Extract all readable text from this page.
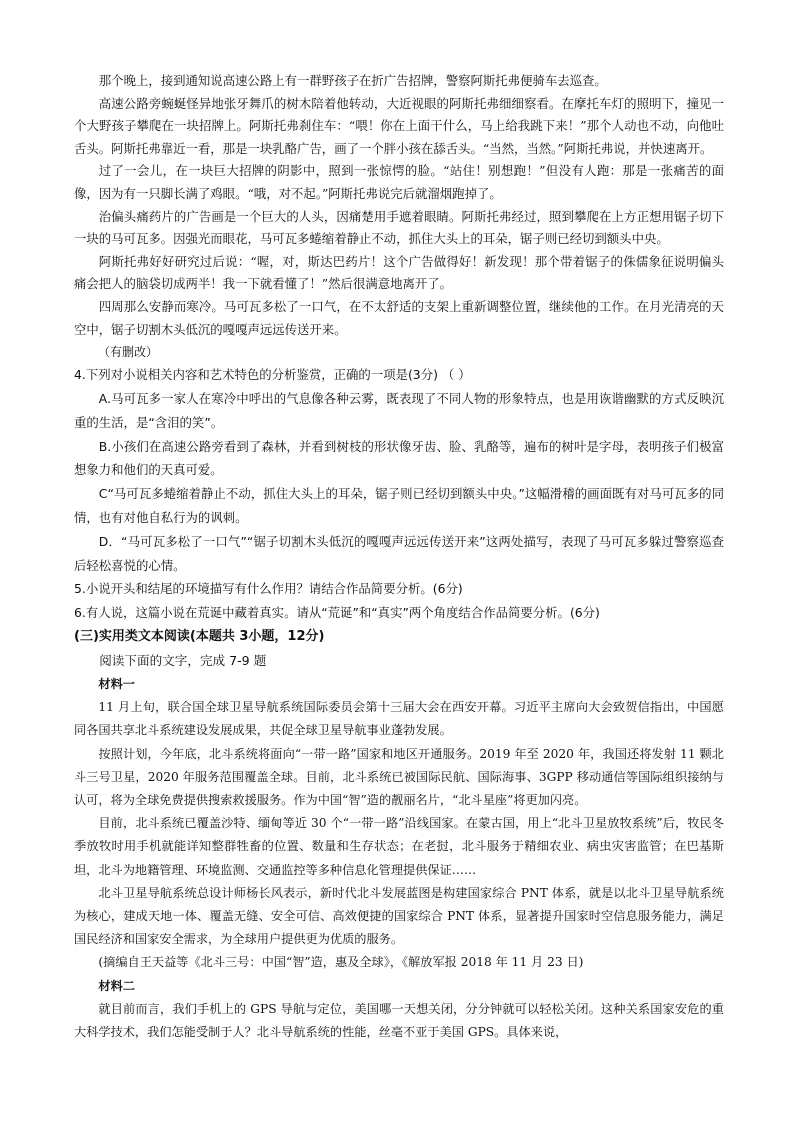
那个晚上，接到通知说高速公路上有一群野孩子在折广告招牌，警察阿斯托弗便骑车去巡查。

高速公路旁蜿蜒怪异地张牙舞爪的树木陪着他转动，大近视眼的阿斯托弗细细察看。在摩托车灯的照明下，撞见一个大野孩子攀爬在一块招牌上。阿斯托弗刹住车：“喂！你在上面干什么，马上给我跳下来！”那个人动也不动，向他吐舌头。阿斯托弗靠近一看，那是一块乳酪广告，画了一个胖小孩在舔舌头。“当然，当然。”阿斯托弗说，并快速离开。

过了一会儿，在一块巨大招牌的阴影中，照到一张惊愕的脸。“站住！别想跑！”但没有人跑：那是一张痛苦的面像，因为有一只脚长满了鸡眼。“哦，对不起。”阿斯托弗说完后就溜烟跑掉了。

治偏头痛药片的广告画是一个巨大的人头，因痛楚用手遮着眼睛。阿斯托弗经过，照到攀爬在上方正想用锯子切下一块的马可瓦多。因强光而眼花，马可瓦多蜷缩着静止不动，抓住大头上的耳朵，锯子则已经切到额头中央。

阿斯托弗好好研究过后说：“喔，对，斯达巴药片！这个广告做得好！新发现！那个带着锯子的侏儒象征说明偏头痛会把人的脑袋切成两半！我一下就看懂了！”然后很满意地离开了。

四周那么安静而寒冷。马可瓦多松了一口气，在不太舒适的支架上重新调整位置，继续他的工作。在月光清亮的天空中，锯子切割木头低沉的嘎嘎声远远传送开来。

（有删改）

4.下列对小说相关内容和艺术特色的分析鉴赏，正确的一项是(3分) （ ）

A.马可瓦多一家人在寒冷中呼出的气息像各种云雾，既表现了不同人物的形象特点，也是用诙谐幽默的方式反映沉重的生活，是“含泪的笑”。

B.小孩们在高速公路旁看到了森林，并看到树枝的形状像牙齿、脸、乳酪等，遍布的树叶是字母，表明孩子们极富想象力和他们的天真可爱。

C“马可瓦多蜷缩着静止不动，抓住大头上的耳朵，锯子则已经切到额头中央。”这幅滑稽的画面既有对马可瓦多的同情，也有对他自私行为的讽刺。

D．“马可瓦多松了一口气”“锯子切割木头低沉的嘎嘎声远远传送开来”这两处描写，表现了马可瓦多躲过警察巡查后轻松喜悦的心情。

5.小说开头和结尾的环境描写有什么作用？请结合作品简要分析。(6分)

6.有人说，这篇小说在荒诞中藏着真实。请从“荒诞”和“真实”两个角度结合作品简要分析。(6分)

(三)实用类文本阅读(本题共 3小题，12分)

阅读下面的文字，完成 7-9 题

材料一

11 月上旬，联合国全球卫星导航系统国际委员会第十三届大会在西安开幕。习近平主席向大会致贺信指出，中国愿同各国共享北斗系统建设发展成果，共促全球卫星导航事业蓬勃发展。

按照计划，今年底，北斗系统将面向“一带一路”国家和地区开通服务。2019 年至 2020 年，我国还将发射 11 颗北斗三号卫星，2020 年服务范围覆盖全球。目前，北斗系统已被国际民航、国际海事、3GPP 移动通信等国际组织接纳与认可，将为全球免费提供搜索救援服务。作为中国“智”造的靓丽名片，“北斗星座”将更加闪亮。

目前，北斗系统已覆盖沙特、缅甸等近 30 个“一带一路”沿线国家。在蒙古国，用上“北斗卫星放牧系统”后，牧民冬季放牧时用手机就能详知整群牲畜的位置、数量和生存状态；在老挝，北斗服务于精细农业、病虫灾害监管；在巴基斯坦，北斗为地籍管理、环境监测、交通监控等多种信息化管理提供保证……

北斗卫星导航系统总设计师杨长风表示，新时代北斗发展蓝图是构建国家综合 PNT 体系，就是以北斗卫星导航系统为核心，建成天地一体、覆盖无缝、安全可信、高效便捷的国家综合 PNT 体系，显著提升国家时空信息服务能力，满足国民经济和国家安全需求，为全球用户提供更为优质的服务。

(摘编自王天益等《北斗三号：中国“智”造，惠及全球》，《解放军报 2018 年 11 月 23 日)

材料二

就目前而言，我们手机上的 GPS 导航与定位，美国哪一天想关闭，分分钟就可以轻松关闭。这种关系国家安危的重大科学技术，我们怎能受制于人？北斗导航系统的性能，丝毫不亚于美国 GPS。具体来说，
